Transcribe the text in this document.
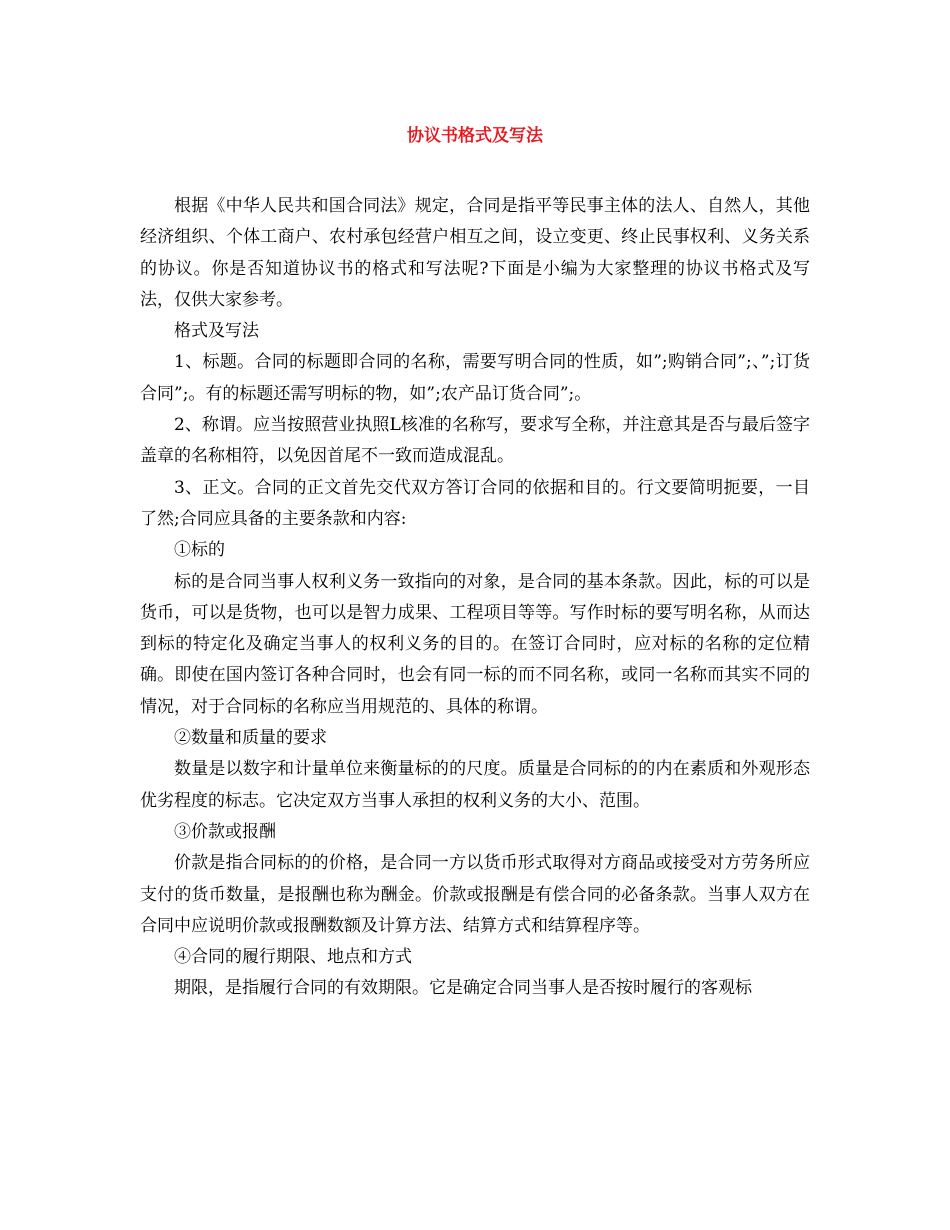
协议书格式及写法

根据《中华人民共和国合同法》规定，合同是指平等民事主体的法人、自然人，其他经济组织、个体工商户、农村承包经营户相互之间，设立变更、终止民事权利、义务关系的协议。你是否知道协议书的格式和写法呢?下面是小编为大家整理的协议书格式及写法，仅供大家参考。

格式及写法

1、标题。合同的标题即合同的名称，需要写明合同的性质，如”;购销合同”;、”;订货合同”;。有的标题还需写明标的物，如”;农产品订货合同”;。

2、称谓。应当按照营业执照L核准的名称写，要求写全称，并注意其是否与最后签字盖章的名称相符，以免因首尾不一致而造成混乱。

3、正文。合同的正文首先交代双方答订合同的依据和目的。行文要简明扼要，一目了然;合同应具备的主要条款和内容:

①标的

标的是合同当事人权利义务一致指向的对象，是合同的基本条款。因此，标的可以是货币，可以是货物，也可以是智力成果、工程项目等等。写作时标的要写明名称，从而达到标的特定化及确定当事人的权利义务的目的。在签订合同时，应对标的名称的定位精确。即使在国内签订各种合同时，也会有同一标的而不同名称，或同一名称而其实不同的情况，对于合同标的名称应当用规范的、具体的称谓。

②数量和质量的要求

数量是以数字和计量单位来衡量标的的尺度。质量是合同标的的内在素质和外观形态优劣程度的标志。它决定双方当事人承担的权利义务的大小、范围。

③价款或报酬

价款是指合同标的的价格，是合同一方以货币形式取得对方商品或接受对方劳务所应支付的货币数量，是报酬也称为酬金。价款或报酬是有偿合同的必备条款。当事人双方在合同中应说明价款或报酬数额及计算方法、结算方式和结算程序等。

④合同的履行期限、地点和方式

期限，是指履行合同的有效期限。它是确定合同当事人是否按时履行的客观标
